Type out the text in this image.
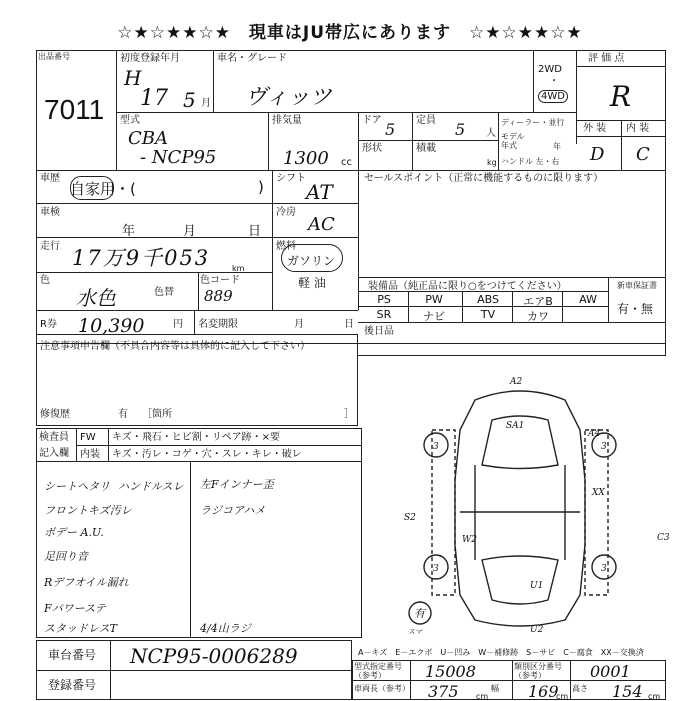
☆★☆★★☆★　現車はJU帯広にあります　☆★☆★★☆★
出品番号
7011
初度登録年月
H
17 5 月
車名・グレード
ヴィッツ
2WD
・
4WD
評 価 点
R
型式
CBA
- NCP95
排気量
1300 cc
ドア 5
形状
定員 5 人
積載
kg
ディーラー・並行
モデル年式	年
ハンドル 左・右
外 装 内 装
D C
車歴
自家用・(	) シフト
AT
車検
年	月	日
冷房
AC
走行 17万9千053	km
燃料
ガソリン
軽 油
色
水色	色替
色コード
889
R券 10,390	円 名変期限	月	日
セールスポイント（正常に機能するものに限ります）
装備品（純正品に限り○をつけてください）	新車保証書
有・無
PS	PW	ABS	エアB	AW
SR	ナビ	TV	カワ
後日品
注意事項申告欄（不具合内容等は具体的に記入して下さい）
修復歴	有 ［箇所	］
検査員
記入欄
FW キズ・飛石・ヒビ割・リペア跡・×要
内装 キズ・汚レ・コゲ・穴・スレ・キレ・破レ
シートヘタリ ハンドルスレ 左Fインナー歪
フロントキズ汚レ	ラジコアハメ
ボデー A.U.
足回り音
Rデフオイル漏れ
Fパワーステ
スタッドレスT	4/4山ラジ
A2
SA1
A4
S2
W2	C3
U1
U2
XX
3	3
3	3
有
スマ
車台番号 NCP95-0006289
登録番号
A－キズ　E－エクボ　U－凹み　W－補修跡　S－サビ　C－腐食　XX－交換済
型式指定番号（参考）	15008	類別区分番号（参考）	0001
車両長（参考） 375 cm
幅 169
cm
高さ 154 cm
